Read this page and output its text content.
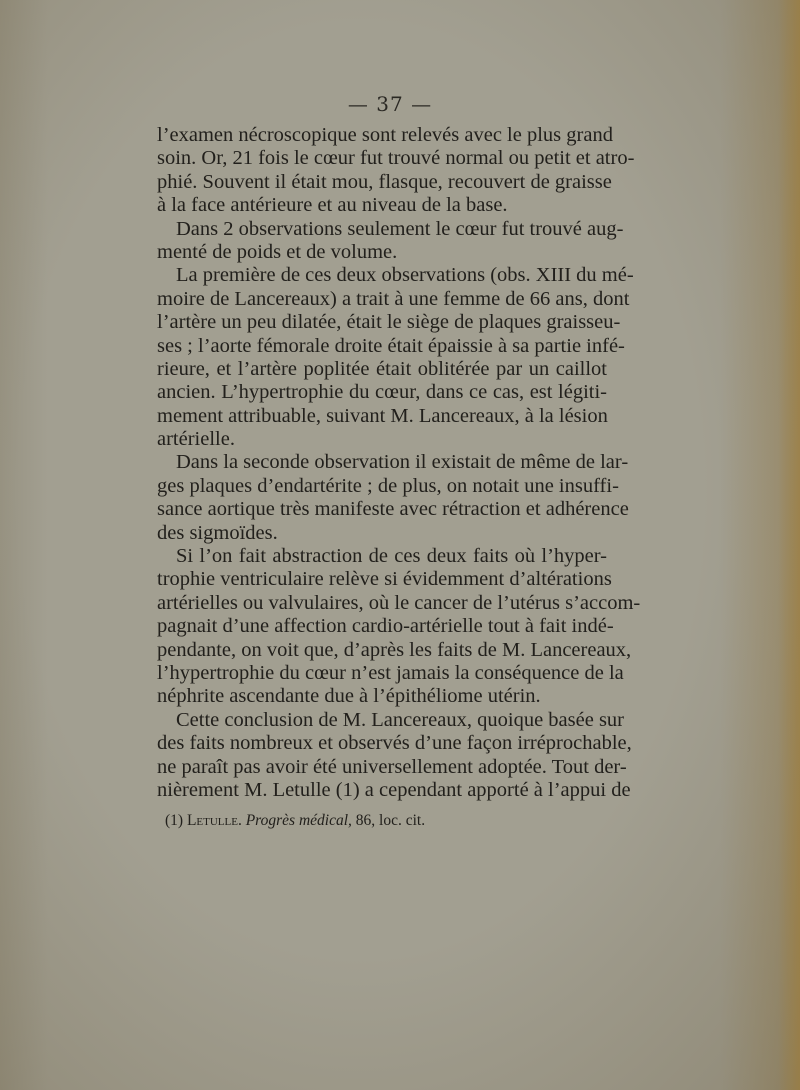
— 37 —
l’examen nécroscopique sont relevés avec le plus grand
soin. Or, 21 fois le cœur fut trouvé normal ou petit et atro-
phié. Souvent il était mou, flasque, recouvert de graisse
à la face antérieure et au niveau de la base.
Dans 2 observations seulement le cœur fut trouvé aug-
menté de poids et de volume.
La première de ces deux observations (obs. XIII du mé-
moire de Lancereaux) a trait à une femme de 66 ans, dont
l’artère un peu dilatée, était le siège de plaques graisseu-
ses ; l’aorte fémorale droite était épaissie à sa partie infé-
rieure, et l’artère poplitée était oblitérée par un caillot
ancien. L’hypertrophie du cœur, dans ce cas, est légiti-
mement attribuable, suivant M. Lancereaux, à la lésion
artérielle.
Dans la seconde observation il existait de même de lar-
ges plaques d’endartérite ; de plus, on notait une insuffi-
sance aortique très manifeste avec rétraction et adhérence
des sigmoïdes.
Si l’on fait abstraction de ces deux faits où l’hyper-
trophie ventriculaire relève si évidemment d’altérations
artérielles ou valvulaires, où le cancer de l’utérus s’accom-
pagnait d’une affection cardio-artérielle tout à fait indé-
pendante, on voit que, d’après les faits de M. Lancereaux,
l’hypertrophie du cœur n’est jamais la conséquence de la
néphrite ascendante due à l’épithéliome utérin.
Cette conclusion de M. Lancereaux, quoique basée sur
des faits nombreux et observés d’une façon irréprochable,
ne paraît pas avoir été universellement adoptée. Tout der-
nièrement M. Letulle (1) a cependant apporté à l’appui de
(1) Letulle. Progrès médical, 86, loc. cit.
